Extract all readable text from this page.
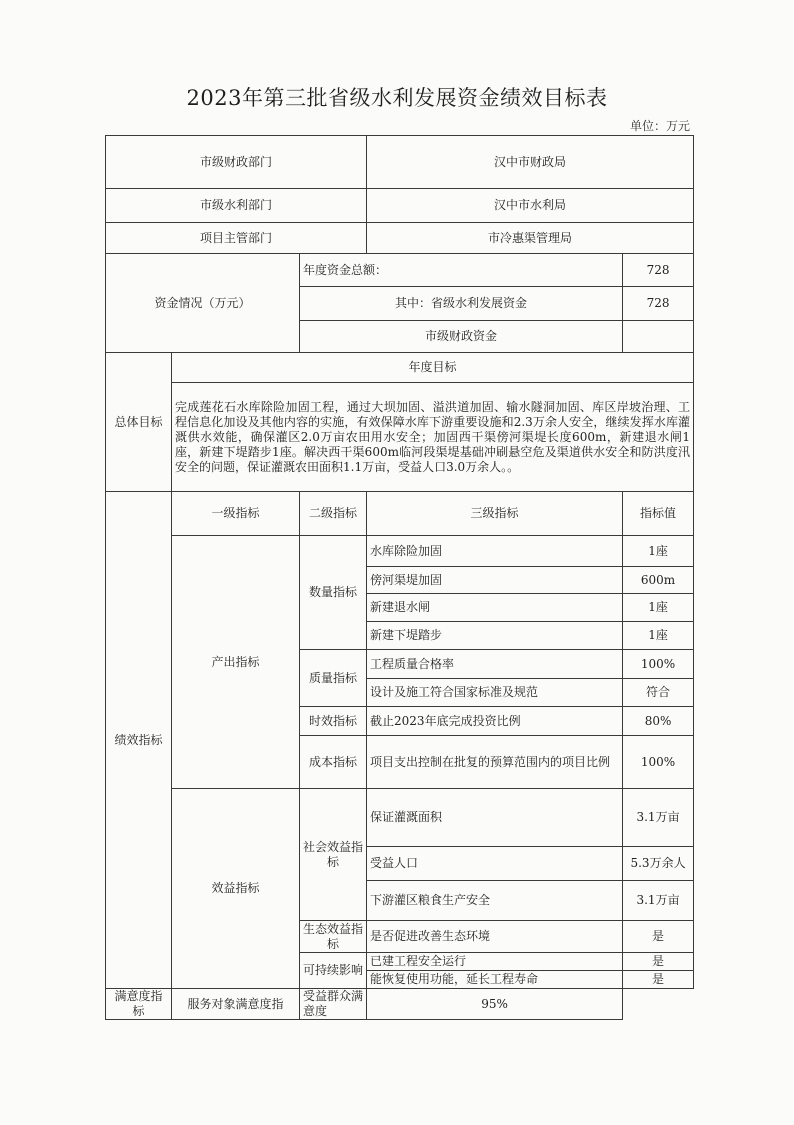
2023年第三批省级水利发展资金绩效目标表
单位：万元
市级财政部门			汉中市财政局	
市级水利部门			汉中市水利局	
项目主管部门			市冷惠渠管理局	
资金情况（万元）		年度资金总额：		728
		其中：省级水利发展资金		728
		市级财政资金		
总体目标	年度目标			
	完成莲花石水库除险加固工程，通过大坝加固、溢洪道加固、输水隧洞加固、库区岸坡治理、工程信息化加设及其他内容的实施，有效保障水库下游重要设施和2.3万余人安全，继续发挥水库灌溉供水效能，确保灌区2.0万亩农田用水安全；加固西干渠傍河渠堤长度600m，新建退水闸1座，新建下堤踏步1座。解决西干渠600m临河段渠堤基础冲刷悬空危及渠道供水安全和防洪度汛安全的问题，保证灌溉农田面积1.1万亩，受益人口3.0万余人。。			
绩效指标	一级指标	二级指标	三级指标	指标值
	产出指标	数量指标	水库除险加固	1座
			傍河渠堤加固	600m
			新建退水闸	1座
			新建下堤踏步	1座
		质量指标	工程质量合格率	100%
			设计及施工符合国家标准及规范	符合
		时效指标	截止2023年底完成投资比例	80%
		成本指标	项目支出控制在批复的预算范围内的项目比例	100%
	效益指标	社会效益指标	保证灌溉面积	3.1万亩
			受益人口	5.3万余人
			下游灌区粮食生产安全	3.1万亩
		生态效益指标	是否促进改善生态环境	是
		可持续影响	已建工程安全运行	是
			能恢复使用功能，延长工程寿命	是
满意度指标	服务对象满意度指	受益群众满意度	95%	
